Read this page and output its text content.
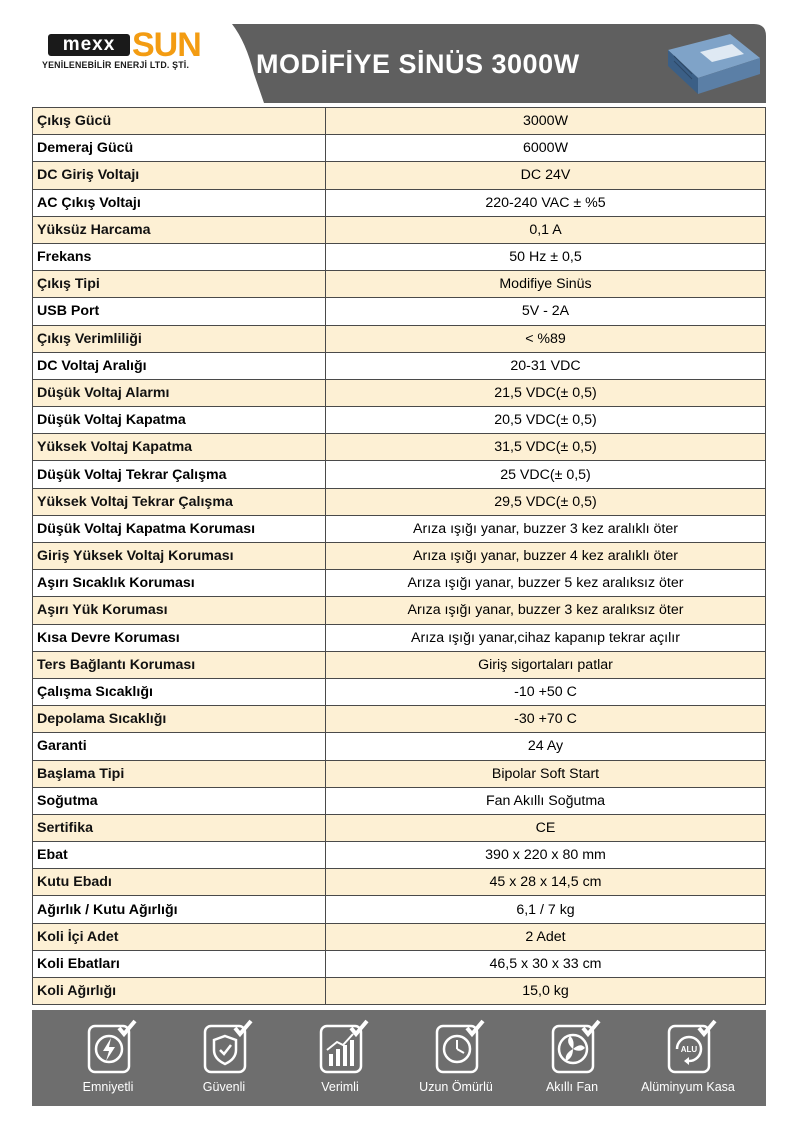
mexx SUN
YENİLENEBİLİR ENERJİ LTD. ŞTİ. MODİFİYE SİNÜS 3000W
Çıkış Gücü	3000W
Demeraj Gücü	6000W
DC Giriş Voltajı	DC 24V
AC Çıkış Voltajı	220-240 VAC ± %5
Yüksüz Harcama	0,1 A
Frekans	50 Hz ± 0,5
Çıkış Tipi	Modifiye Sinüs
USB Port	5V - 2A
Çıkış Verimliliği	< %89
DC Voltaj Aralığı	20-31 VDC
Düşük Voltaj Alarmı	21,5 VDC(± 0,5)
Düşük Voltaj Kapatma	20,5 VDC(± 0,5)
Yüksek Voltaj Kapatma	31,5 VDC(± 0,5)
Düşük Voltaj Tekrar Çalışma	25 VDC(± 0,5)
Yüksek Voltaj Tekrar Çalışma	29,5 VDC(± 0,5)
Düşük Voltaj Kapatma Koruması	Arıza ışığı yanar, buzzer 3 kez aralıklı öter
Giriş Yüksek Voltaj Koruması	Arıza ışığı yanar, buzzer 4 kez aralıklı öter
Aşırı Sıcaklık Koruması	Arıza ışığı yanar, buzzer 5 kez aralıksız öter
Aşırı Yük Koruması	Arıza ışığı yanar, buzzer 3 kez aralıksız öter
Kısa Devre Koruması	Arıza ışığı yanar,cihaz kapanıp tekrar açılır
Ters Bağlantı Koruması	Giriş sigortaları patlar
Çalışma Sıcaklığı	-10 +50 C
Depolama Sıcaklığı	-30 +70 C
Garanti	24 Ay
Başlama Tipi	Bipolar Soft Start
Soğutma	Fan Akıllı Soğutma
Sertifika	CE
Ebat	390 x 220 x 80 mm
Kutu Ebadı	45 x 28 x 14,5 cm
Ağırlık / Kutu Ağırlığı	6,1 / 7 kg
Koli İçi Adet	2 Adet
Koli Ebatları	46,5 x 30 x 33 cm
Koli Ağırlığı	15,0 kg
Emniyetli	Güvenli	Verimli	Uzun Ömürlü	Akıllı Fan
ALU
Alüminyum Kasa
